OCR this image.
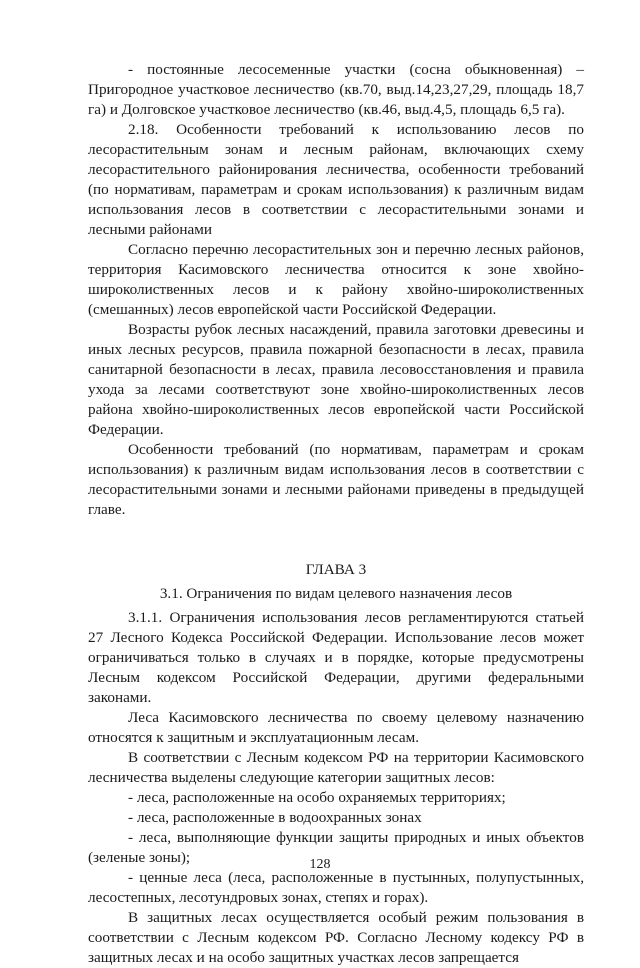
- постоянные лесосеменные участки (сосна обыкновенная) – Пригородное участковое лесничество (кв.70, выд.14,23,27,29, площадь 18,7 га) и Долговское участковое лесничество (кв.46, выд.4,5, площадь 6,5 га).

2.18. Особенности требований к использованию лесов по лесорастительным зонам и лесным районам, включающих схему лесорастительного районирования лесничества, особенности требований (по нормативам, параметрам и срокам использования) к различным видам использования лесов в соответствии с лесорастительными зонами и лесными районами

Согласно перечню лесорастительных зон и перечню лесных районов, территория Касимовского лесничества относится к зоне хвойно-широколиственных лесов и к району хвойно-широколиственных (смешанных) лесов европейской части Российской Федерации.

Возрасты рубок лесных насаждений, правила заготовки древесины и иных лесных ресурсов, правила пожарной безопасности в лесах, правила санитарной безопасности в лесах, правила лесовосстановления и правила ухода за лесами соответствуют зоне хвойно-широколиственных лесов района хвойно-широколиственных лесов европейской части Российской Федерации.

Особенности требований (по нормативам, параметрам и срокам использования) к различным видам использования лесов в соответствии с лесорастительными зонами и лесными районами приведены в предыдущей главе.

ГЛАВА 3

3.1. Ограничения по видам целевого назначения лесов

3.1.1. Ограничения использования лесов регламентируются статьей 27 Лесного Кодекса Российской Федерации. Использование лесов может ограничиваться только в случаях и в порядке, которые предусмотрены Лесным кодексом Российской Федерации, другими федеральными законами.

Леса Касимовского лесничества по своему целевому назначению относятся к защитным и эксплуатационным лесам.

В соответствии с Лесным кодексом РФ на территории Касимовского лесничества выделены следующие категории защитных лесов:

- леса, расположенные на особо охраняемых территориях;

- леса, расположенные в водоохранных зонах

- леса, выполняющие функции защиты природных и иных объектов (зеленые зоны);

- ценные леса (леса, расположенные в пустынных, полупустынных, лесостепных, лесотундровых зонах, степях и горах).

В защитных лесах осуществляется особый режим пользования в соответствии с Лесным кодексом РФ. Согласно Лесному кодексу РФ в защитных лесах и на особо защитных участках лесов запрещается

128
